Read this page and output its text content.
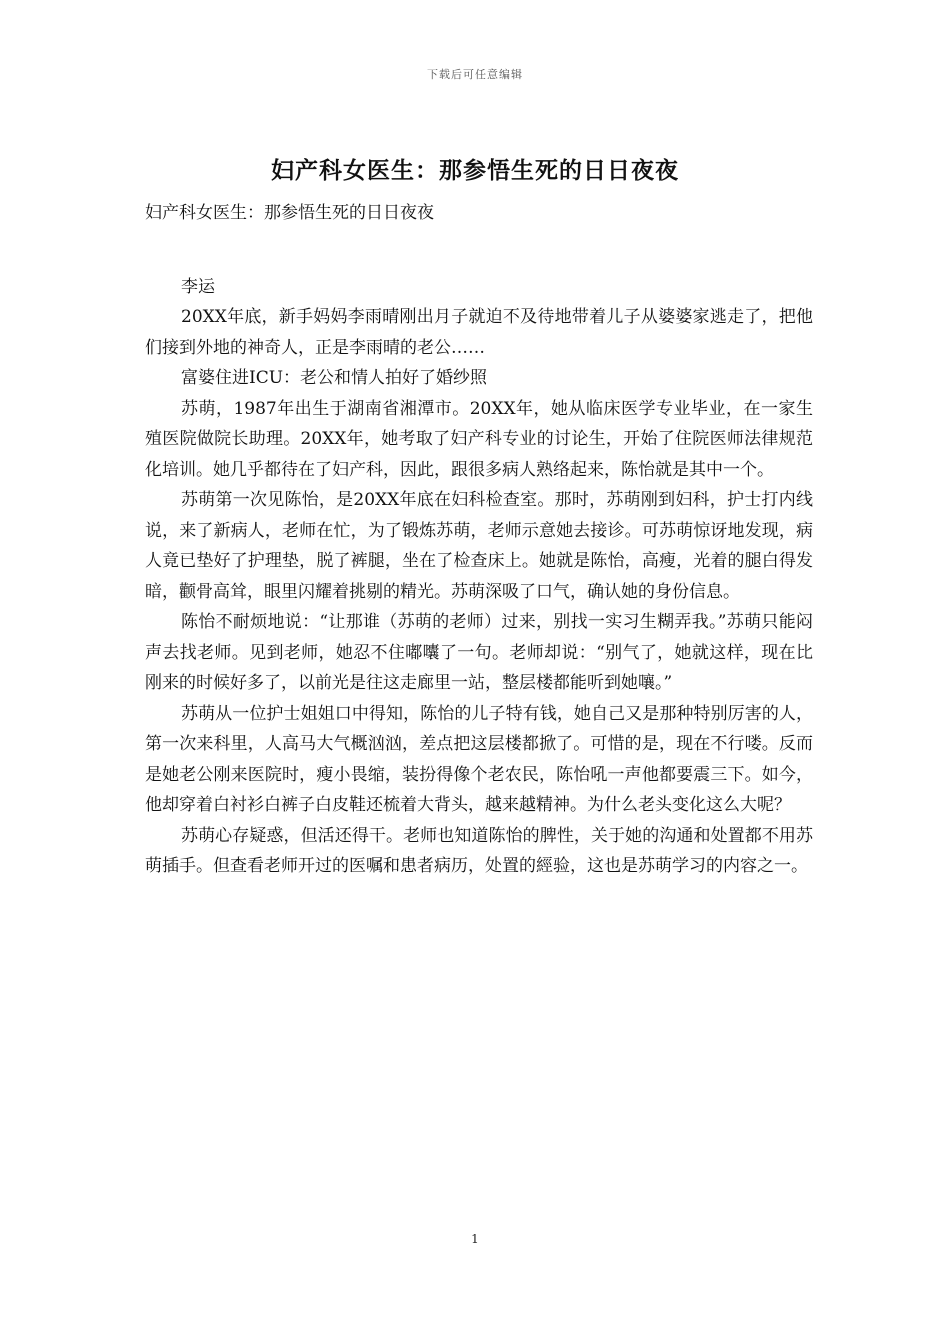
下载后可任意编辑
妇产科女医生：那参悟生死的日日夜夜

妇产科女医生：那参悟生死的日日夜夜

李运

20XX年底，新手妈妈李雨晴刚出月子就迫不及待地带着儿子从婆婆家逃走了，把他们接到外地的神奇人，正是李雨晴的老公……

富婆住进ICU：老公和情人拍好了婚纱照

苏萌，1987年出生于湖南省湘潭市。20XX年，她从临床医学专业毕业，在一家生殖医院做院长助理。20XX年，她考取了妇产科专业的讨论生，开始了住院医师法律规范化培训。她几乎都待在了妇产科，因此，跟很多病人熟络起来，陈怡就是其中一个。

苏萌第一次见陈怡，是20XX年底在妇科检查室。那时，苏萌刚到妇科，护士打内线说，来了新病人，老师在忙，为了锻炼苏萌，老师示意她去接诊。可苏萌惊讶地发现，病人竟已垫好了护理垫，脱了裤腿，坐在了检查床上。她就是陈怡，高瘦，光着的腿白得发暗，颧骨高耸，眼里闪耀着挑剔的精光。苏萌深吸了口气，确认她的身份信息。

陈怡不耐烦地说：“让那谁（苏萌的老师）过来，别找一实习生糊弄我。”苏萌只能闷声去找老师。见到老师，她忍不住嘟囔了一句。老师却说：“别气了，她就这样，现在比刚来的时候好多了，以前光是往这走廊里一站，整层楼都能听到她嚷。”

苏萌从一位护士姐姐口中得知，陈怡的儿子特有钱，她自己又是那种特别厉害的人，第一次来科里，人高马大气概汹汹，差点把这层楼都掀了。可惜的是，现在不行喽。反而是她老公刚来医院时，瘦小畏缩，装扮得像个老农民，陈怡吼一声他都要震三下。如今，他却穿着白衬衫白裤子白皮鞋还梳着大背头，越来越精神。为什么老头变化这么大呢？

苏萌心存疑惑，但活还得干。老师也知道陈怡的脾性，关于她的沟通和处置都不用苏萌插手。但查看老师开过的医嘱和患者病历，处置的經验，这也是苏萌学习的内容之一。

1
